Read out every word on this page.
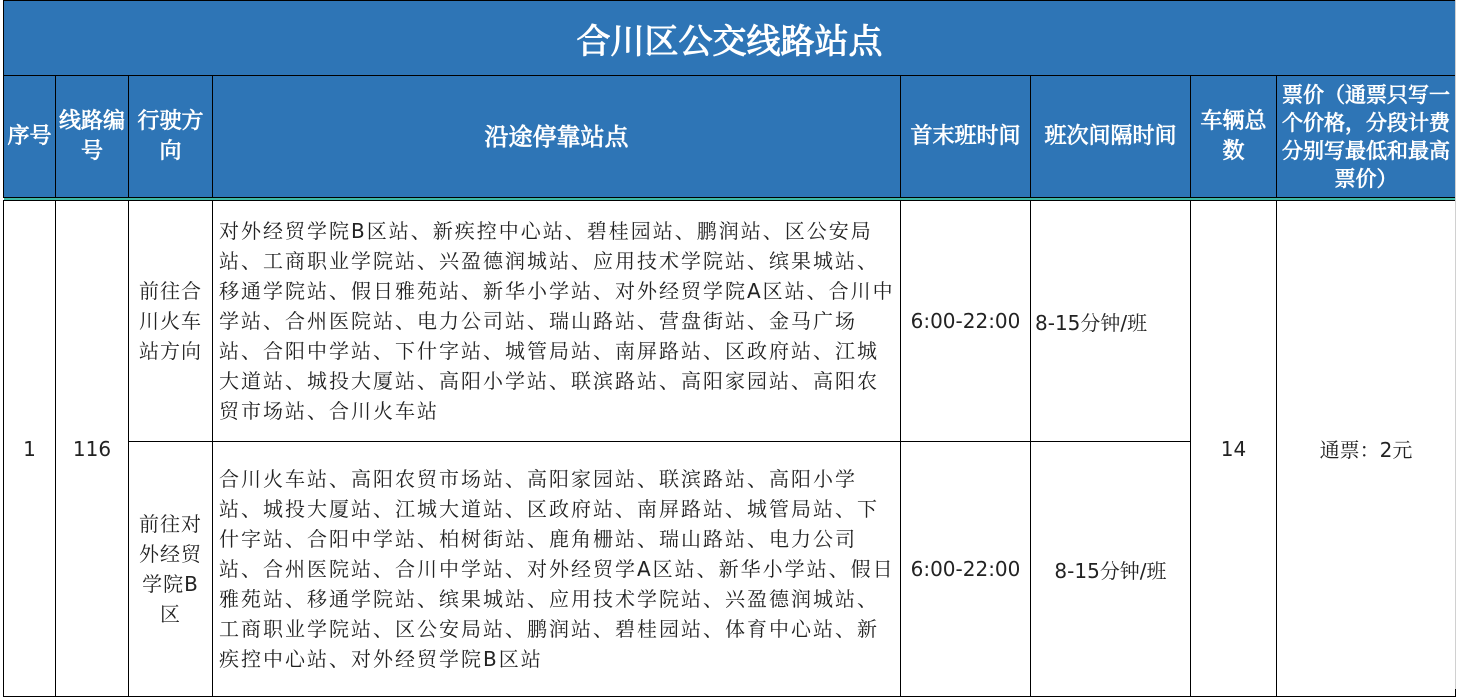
合川区公交线路站点							
序号	线路编号	行驶方向	沿途停靠站点	首末班时间	班次间隔时间	车辆总数	票价（通票只写一个价格，分段计费分别写最低和最高票价）

1	116	前往合川火车站方向	对外经贸学院B区站、新疾控中心站、碧桂园站、鹏润站、区公安局站、工商职业学院站、兴盈德润城站、应用技术学院站、缤果城站、移通学院站、假日雅苑站、新华小学站、对外经贸学院A区站、合川中学站、合州医院站、电力公司站、瑞山路站、营盘街站、金马广场站、合阳中学站、下什字站、城管局站、南屏路站、区政府站、江城大道站、城投大厦站、高阳小学站、联滨路站、高阳家园站、高阳农贸市场站、合川火车站	6:00-22:00	8-15分钟/班	14	通票：2元
		前往对外经贸学院B区	合川火车站、高阳农贸市场站、高阳家园站、联滨路站、高阳小学站、城投大厦站、江城大道站、区政府站、南屏路站、城管局站、下什字站、合阳中学站、柏树街站、鹿角栅站、瑞山路站、电力公司站、合州医院站、合川中学站、对外经贸学A区站、新华小学站、假日雅苑站、移通学院站、缤果城站、应用技术学院站、兴盈德润城站、工商职业学院站、区公安局站、鹏润站、碧桂园站、体育中心站、新疾控中心站、对外经贸学院B区站	6:00-22:00	8-15分钟/班		
